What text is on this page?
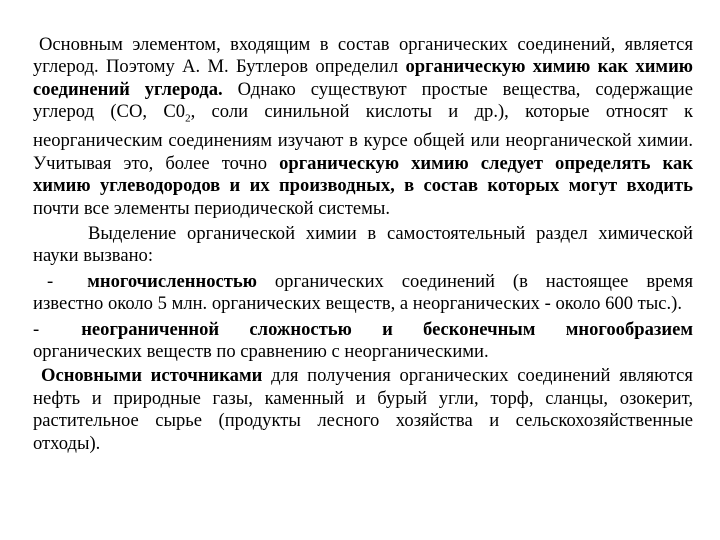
Основным элементом, входящим в состав органических соединений, является углерод. Поэтому А. М. Бутлеров определил органическую химию как химию соединений углерода. Однако существуют простые вещества, содержащие углерод (СО, $С0_2$, соли синильной кислоты и др.), которые относят к неорганическим соединениям изучают в курсе общей или неорганической химии. Учитывая это, более точно органическую химию следует определять как химию углеводородов и их производных, в состав которых могут входить почти все элементы периодической системы.

Выделение органической химии в самостоятельный раздел химической науки вызвано:

- многочисленностью органических соединений (в настоящее время известно около 5 млн. органических веществ, а неорганических - около 600 тыс.).

- неограниченной сложностью и бесконечным многообразием органических веществ по сравнению с неорганическими.

Основными источниками для получения органических соединений являются нефть и природные газы, каменный и бурый угли, торф, сланцы, озокерит, растительное сырье (продукты лесного хозяйства и сельскохозяйственные отходы).
